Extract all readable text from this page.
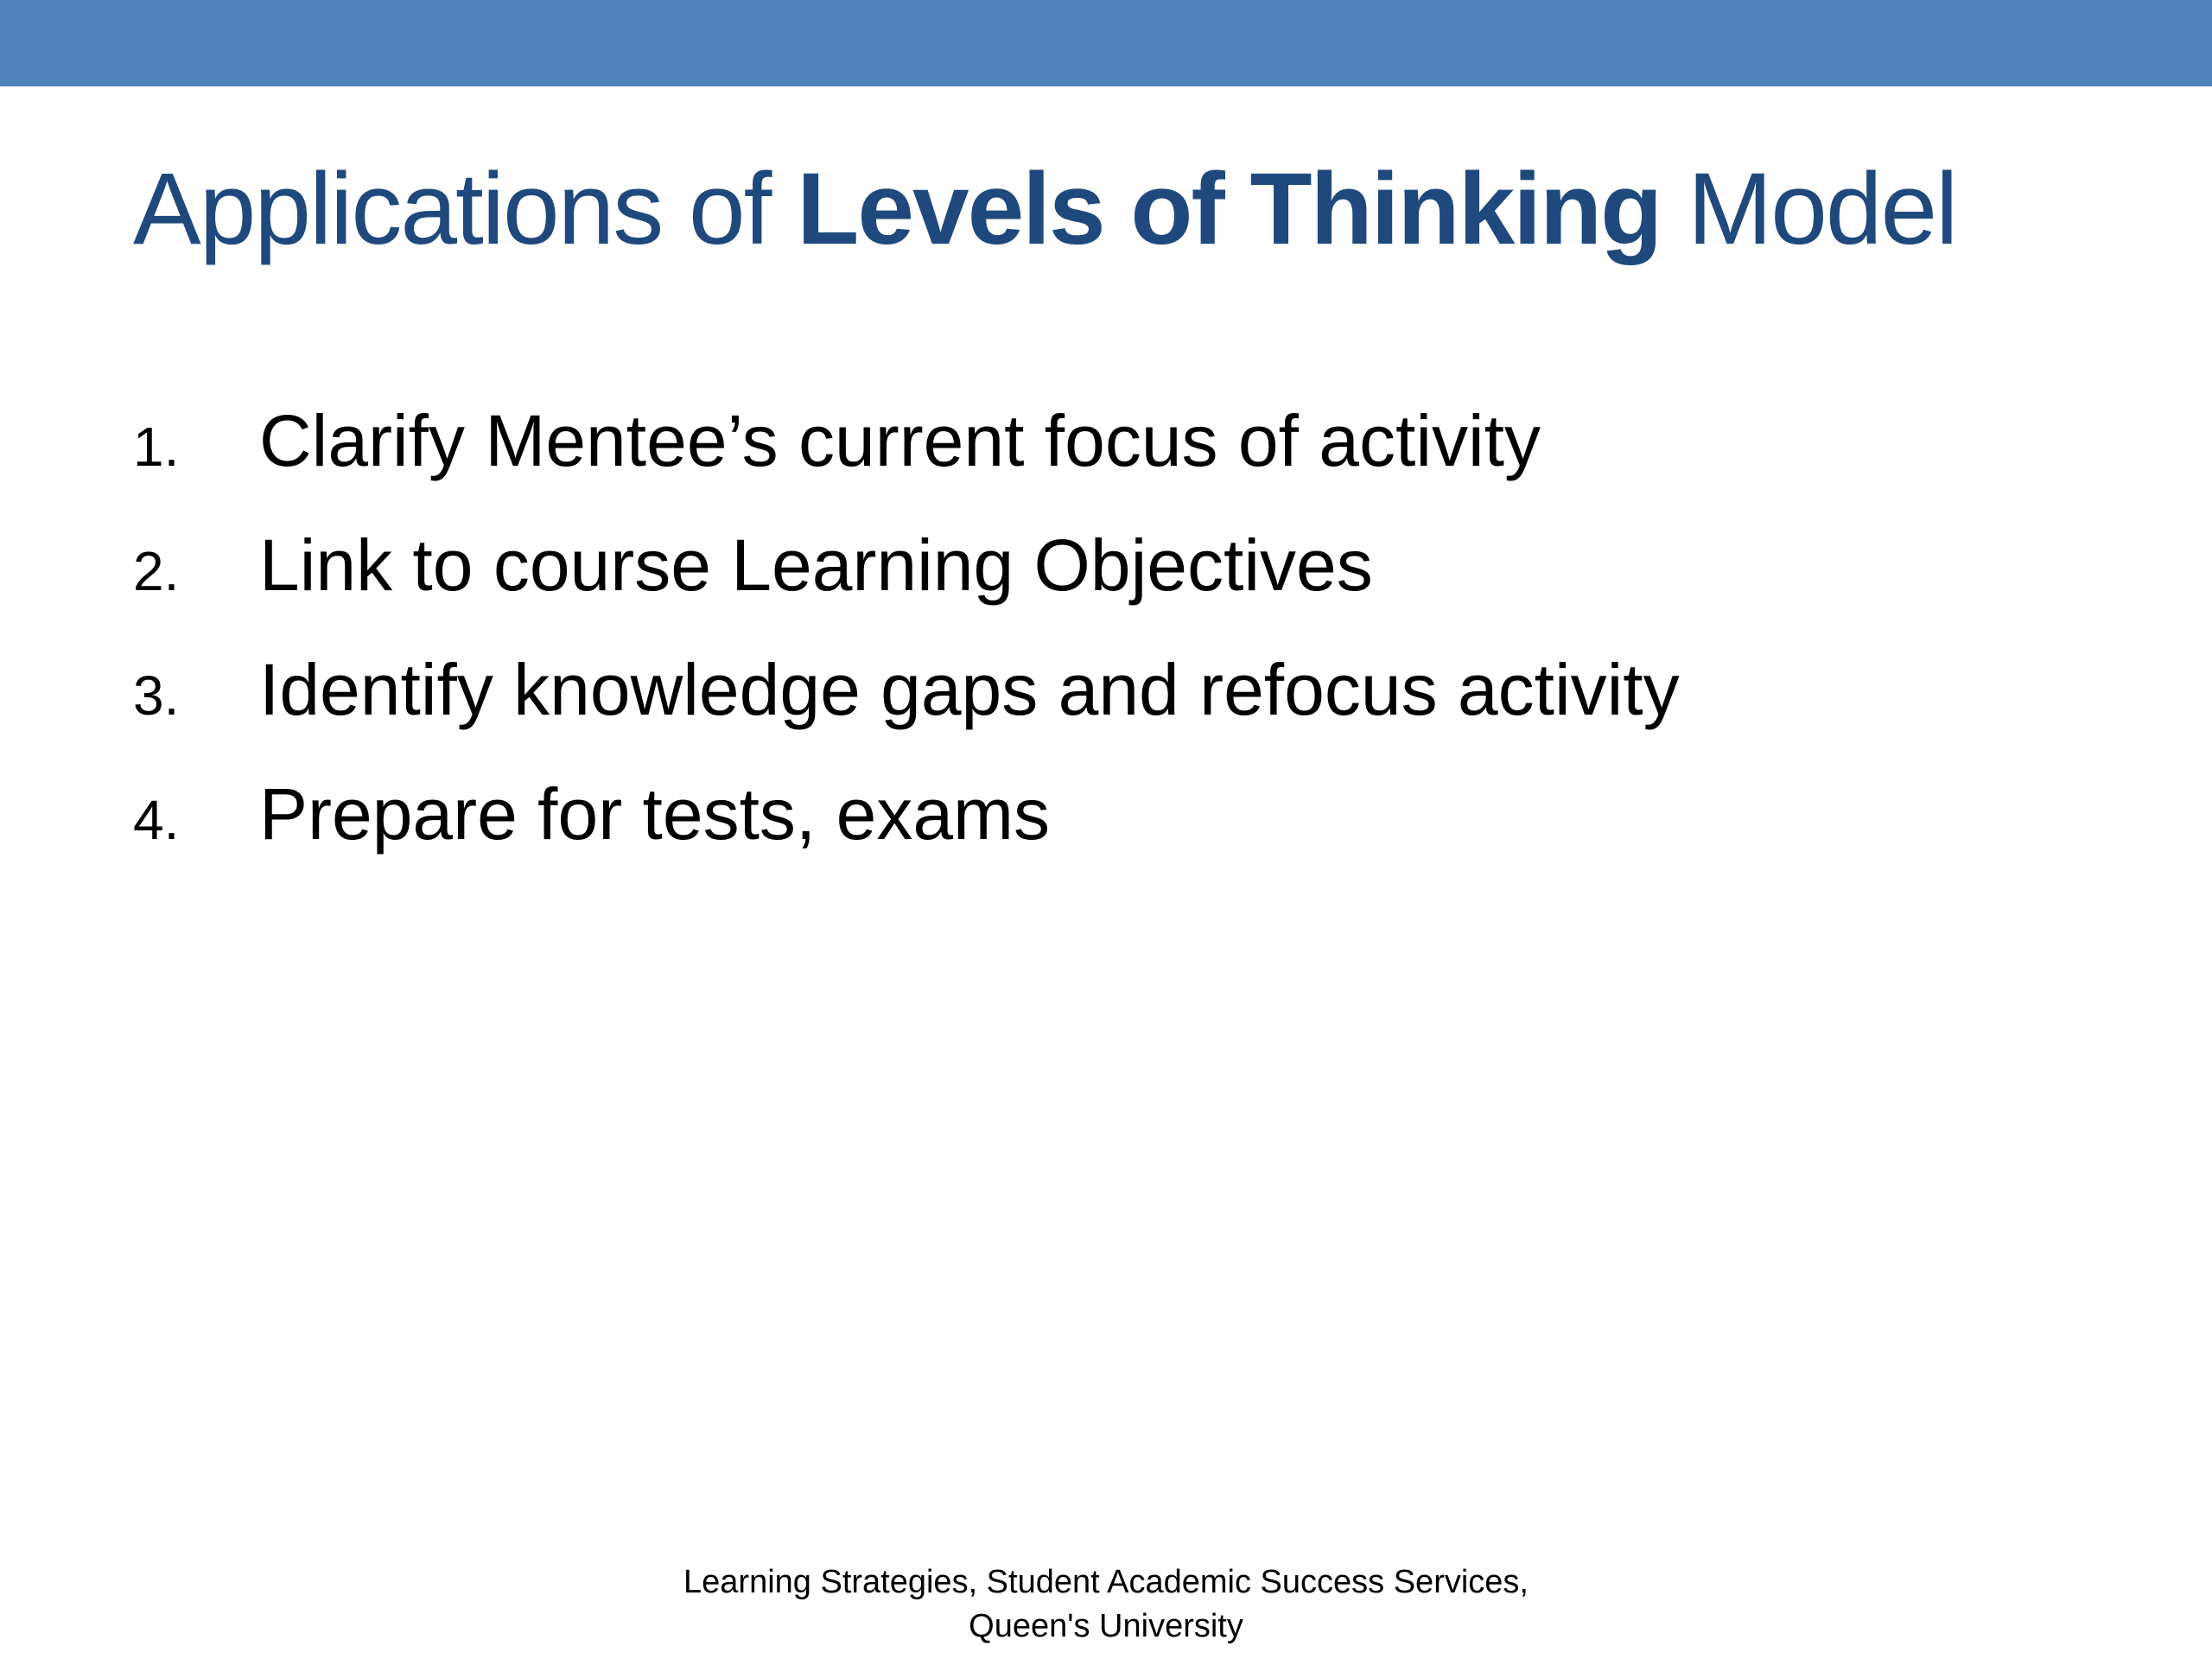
Applications of Levels of Thinking Model
1.	Clarify Mentee’s current focus of activity
2.	Link to course Learning Objectives
3.	Identify knowledge gaps and refocus activity
4.	Prepare for tests, exams
Learning Strategies, Student Academic Success Services,
Queen's University
